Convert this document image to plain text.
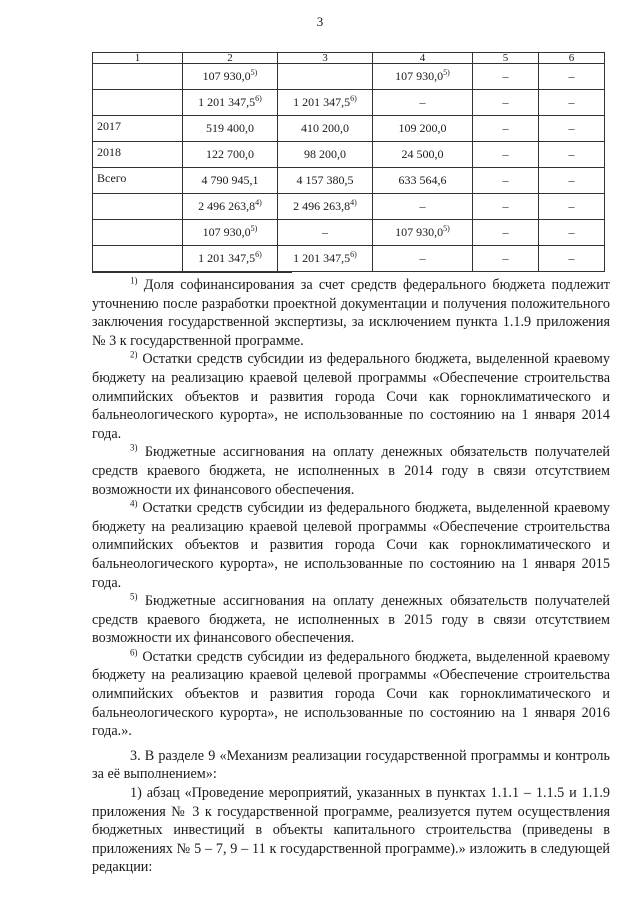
3
1	2	3	4	5	6
	107 930,0$^{5)}$		107 930,0$^{5)}$	–	–
	1 201 347,5$^{6)}$	1 201 347,5$^{6)}$	–	–	–
2017	519 400,0	410 200,0	109 200,0	–	–
2018	122 700,0	98 200,0	24 500,0	–	–
Всего	4 790 945,1	4 157 380,5	633 564,6	–	–
	2 496 263,8$^{4)}$	2 496 263,8$^{4)}$	–	–	–
	107 930,0$^{5)}$	–	107 930,0$^{5)}$	–	–
	1 201 347,5$^{6)}$	1 201 347,5$^{6)}$	–	–	–

$^{1)}$ Доля софинансирования за счет средств федерального бюджета подлежит уточнению после разработки проектной документации и получения положительного заключения государственной экспертизы, за исключением пункта 1.1.9 приложения № 3 к государственной программе.

$^{2)}$ Остатки средств субсидии из федерального бюджета, выделенной краевому бюджету на реализацию краевой целевой программы «Обеспечение строительства олимпийских объектов и развития города Сочи как горноклиматического и бальнеологического курорта», не использованные по состоянию на 1 января 2014 года.

$^{3)}$ Бюджетные ассигнования на оплату денежных обязательств получателей средств краевого бюджета, не исполненных в 2014 году в связи отсутствием возможности их финансового обеспечения.

$^{4)}$ Остатки средств субсидии из федерального бюджета, выделенной краевому бюджету на реализацию краевой целевой программы «Обеспечение строительства олимпийских объектов и развития города Сочи как горноклиматического и бальнеологического курорта», не использованные по состоянию на 1 января 2015 года.

$^{5)}$ Бюджетные ассигнования на оплату денежных обязательств получателей средств краевого бюджета, не исполненных в 2015 году в связи отсутствием возможности их финансового обеспечения.

$^{6)}$ Остатки средств субсидии из федерального бюджета, выделенной краевому бюджету на реализацию краевой целевой программы «Обеспечение строительства олимпийских объектов и развития города Сочи как горноклиматического и бальнеологического курорта», не использованные по состоянию на 1 января 2016 года.».

3. В разделе 9 «Механизм реализации государственной программы и контроль за её выполнением»:

1) абзац «Проведение мероприятий, указанных в пунктах 1.1.1 – 1.1.5 и 1.1.9 приложения № 3 к государственной программе, реализуется путем осуществления бюджетных инвестиций в объекты капитального строительства (приведены в приложениях № 5 – 7, 9 – 11 к государственной программе).» изложить в следующей редакции:
